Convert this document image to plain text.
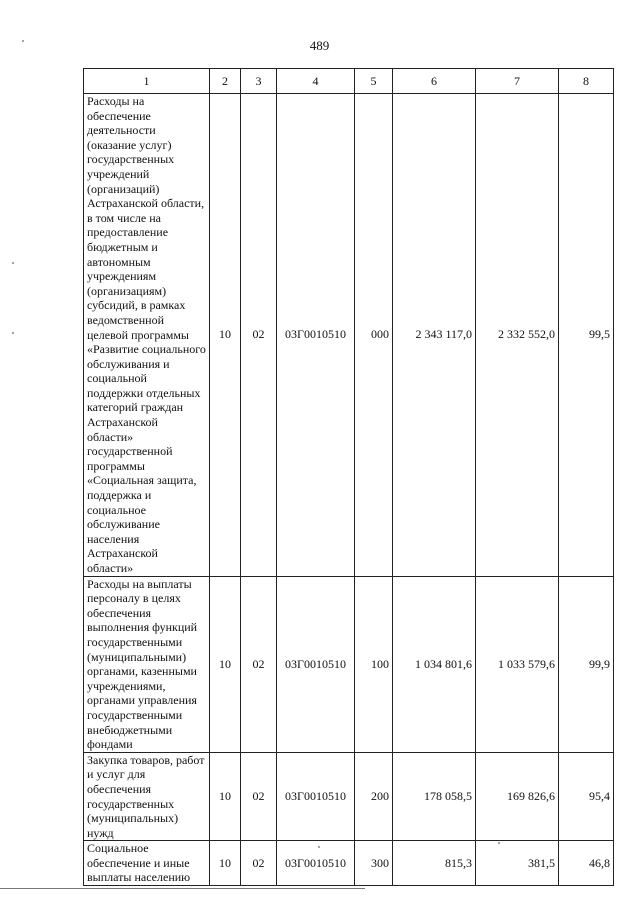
489
1	2	3	4	5	6	7	8
Расходы на обеспечение деятельности (оказание услуг) государственных учреждений (организаций) Астраханской области, в том числе на предоставление бюджетным и автономным учреждениям (организациям) субсидий, в рамках ведомственной целевой программы «Развитие социального обслуживания и социальной поддержки отдельных категорий граждан Астраханской области» государственной программы «Социальная защита, поддержка и социальное обслуживание населения Астраханской области»	10	02	03Г0010510	000	2 343 117,0	2 332 552,0	99,5
Расходы на выплаты персоналу в целях обеспечения выполнения функций государственными (муниципальными) органами, казенными учреждениями, органами управления государственными внебюджетными фондами	10	02	03Г0010510	100	1 034 801,6	1 033 579,6	99,9
Закупка товаров, работ и услуг для обеспечения государственных (муниципальных) нужд	10	02	03Г0010510	200	178 058,5	169 826,6	95,4
Социальное обеспечение и иные выплаты населению	10	02	03Г0010510	300	815,3	381,5	46,8
